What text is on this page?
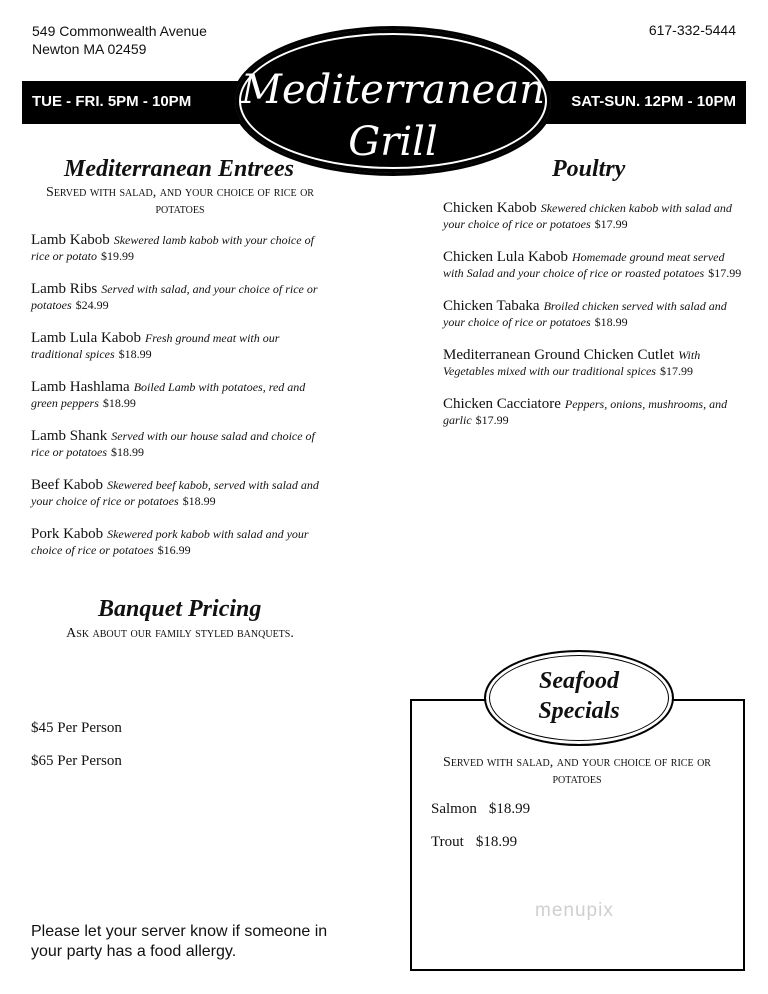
549 Commonwealth Avenue
Newton MA 02459
617-332-5444
TUE - FRI. 5PM - 10PM	SAT-SUN. 12PM - 10PM
Mediterranean
Grill
Mediterranean Entrees
Served with salad, and your choice of rice or potatoes
Lamb Kabob Skewered lamb kabob with your choice of rice or potato $19.99
Lamb Ribs Served with salad, and your choice of rice or potatoes $24.99
Lamb Lula Kabob Fresh ground meat with our traditional spices $18.99
Lamb Hashlama Boiled Lamb with potatoes, red and green peppers $18.99
Lamb Shank Served with our house salad and choice of rice or potatoes $18.99
Beef Kabob Skewered beef kabob, served with salad and your choice of rice or potatoes $18.99
Pork Kabob Skewered pork kabob with salad and your choice of rice or potatoes $16.99
Poultry
Chicken Kabob Skewered chicken kabob with salad and your choice of rice or potatoes $17.99
Chicken Lula Kabob Homemade ground meat served with Salad and your choice of rice or roasted potatoes $17.99
Chicken Tabaka Broiled chicken served with salad and your choice of rice or potatoes $18.99
Mediterranean Ground Chicken Cutlet With Vegetables mixed with our traditional spices $17.99
Chicken Cacciatore Peppers, onions, mushrooms, and garlic $17.99
Banquet Pricing
Ask about our family styled banquets.
$45 Per Person
$65 Per Person
Seafood
Specials
Served with salad, and your choice of rice or potatoes
Salmon $18.99
Trout $18.99
menupix
Please let your server know if someone in your party has a food allergy.
